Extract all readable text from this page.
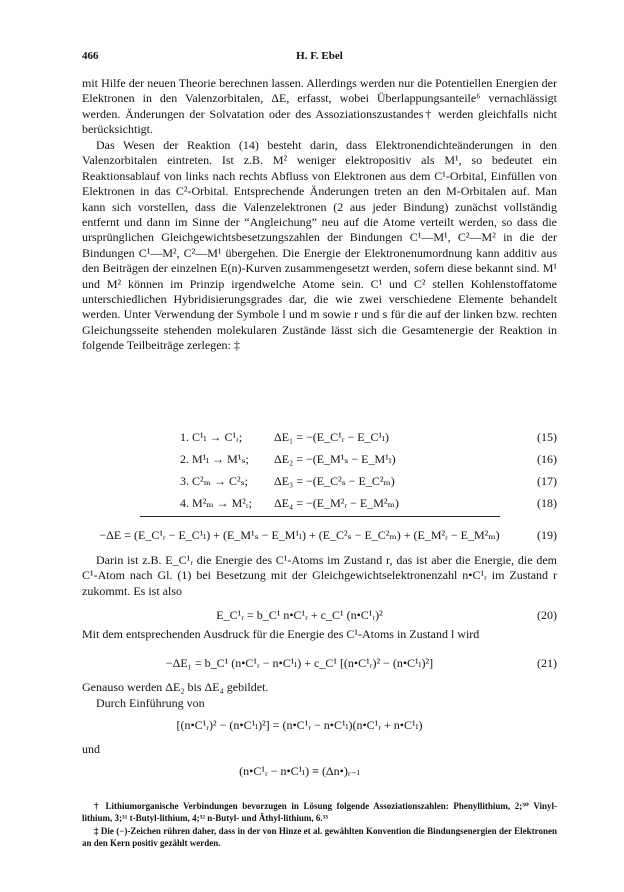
466	H. F. Ebel

mit Hilfe der neuen Theorie berechnen lassen. Allerdings werden nur die Potentiellen Energien der Elektronen in den Valenzorbitalen, ΔE, erfasst, wobei Überlappungsanteile⁶ vernachlässigt werden. Änderungen der Solvatation oder des Assoziationszustandes† werden gleichfalls nicht berücksichtigt.

Das Wesen der Reaktion (14) besteht darin, dass Elektronendichteänderungen in den Valenzorbitalen eintreten. Ist z.B. M² weniger elektropositiv als M¹, so bedeutet ein Reaktionsablauf von links nach rechts Abfluss von Elektronen aus dem C¹-Orbital, Einfüllen von Elektronen in das C²-Orbital. Entsprechende Änderungen treten an den M-Orbitalen auf. Man kann sich vorstellen, dass die Valenzelektronen (2 aus jeder Bindung) zunächst vollständig entfernt und dann im Sinne der “Angleichung” neu auf die Atome verteilt werden, so dass die ursprünglichen Gleichgewichtsbesetzungszahlen der Bindungen C¹—M¹, C²—M² in die der Bindungen C¹—M², C²—M¹ übergehen. Die Energie der Elektronenumordnung kann additiv aus den Beiträgen der einzelnen E(n)-Kurven zusammengesetzt werden, sofern diese bekannt sind. M¹ und M² können im Prinzip irgendwelche Atome sein. C¹ und C² stellen Kohlenstoffatome unterschiedlichen Hybridisierungsgrades dar, die wie zwei verschiedene Elemente behandelt werden. Unter Verwendung der Symbole l und m sowie r und s für die auf der linken bzw. rechten Gleichungsseite stehenden molekularen Zustände lässt sich die Gesamtenergie der Reaktion in folgende Teilbeiträge zerlegen: ‡

1. C¹ₗ → C¹ᵣ;	ΔE₁ = −(E_C¹ᵣ − E_C¹ₗ)	(15)
2. M¹ₗ → M¹ₛ; ΔE₂ = −(E_M¹ₛ − E_M¹ₗ)	(16)
3. C²ₘ → C²ₛ; ΔE₃ = −(E_C²ₛ − E_C²ₘ)	(17)
4. M²ₘ → M²ᵣ; ΔE₄ = −(E_M²ᵣ − E_M²ₘ)	(18)
−ΔE = (E_C¹ᵣ − E_C¹ₗ) + (E_M¹ₛ − E_M¹ₗ) + (E_C²ₛ − E_C²ₘ) + (E_M²ᵣ − E_M²ₘ)	(19)

Darin ist z.B. E_C¹ᵣ die Energie des C¹-Atoms im Zustand r, das ist aber die Energie, die dem C¹-Atom nach Gl. (1) bei Besetzung mit der Gleichgewichtselektronenzahl n•C¹ᵣ im Zustand r zukommt. Es ist also

E_C¹ᵣ = b_C¹ n•C¹ᵣ + c_C¹ (n•C¹ᵣ)²	(20)

Mit dem entsprechenden Ausdruck für die Energie des C¹-Atoms in Zustand l wird

−ΔE₁ = b_C¹ (n•C¹ᵣ − n•C¹ₗ) + c_C¹ [(n•C¹ᵣ)² − (n•C¹ₗ)²]	(21)

Genauso werden ΔE₂ bis ΔE₄ gebildet.

Durch Einführung von

[(n•C¹ᵣ)² − (n•C¹ₗ)²] = (n•C¹ᵣ − n•C¹ₗ)(n•C¹ᵣ + n•C¹ₗ)
und
(n•C¹ᵣ − n•C¹ₗ) ≡ (Δn•)ᵣ₋ₗ

† Lithiumorganische Verbindungen bevorzugen in Lösung folgende Assoziationszahlen: Phenyllithium, 2;³⁰ Vinyl-lithium, 3;³¹ t-Butyl-lithium, 4;³² n-Butyl- und Äthyl-lithium, 6.³³

‡ Die (−)-Zeichen rühren daher, dass in der von Hinze et al. gewählten Konvention die Bindungsenergien der Elektronen an den Kern positiv gezählt werden.
